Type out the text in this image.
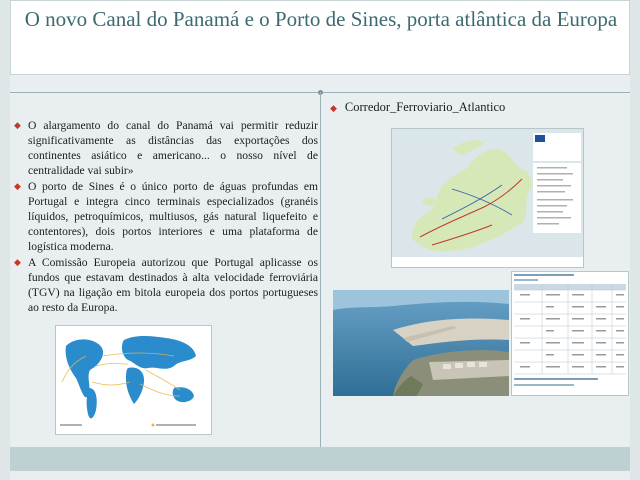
O novo Canal do Panamá e o Porto de Sines, porta atlântica da Europa
◆ O alargamento do canal do Panamá vai permitir reduzir significativamente as distâncias das exportações dos continentes asiático e americano... o nosso nível de centralidade vai subir»
◆ O porto de Sines é o único porto de águas profundas em Portugal e integra cinco terminais especializados (granéis líquidos, petroquímicos, multiusos, gás natural liquefeito e contentores), dois portos interiores e uma plataforma de logística moderna.
◆ A Comissão Europeia autorizou que Portugal aplicasse os fundos que estavam destinados à alta velocidade ferroviária (TGV) na ligação em bitola europeia dos portos portugueses ao resto da Europa.
◆ Corredor_Ferroviario_Atlantico
